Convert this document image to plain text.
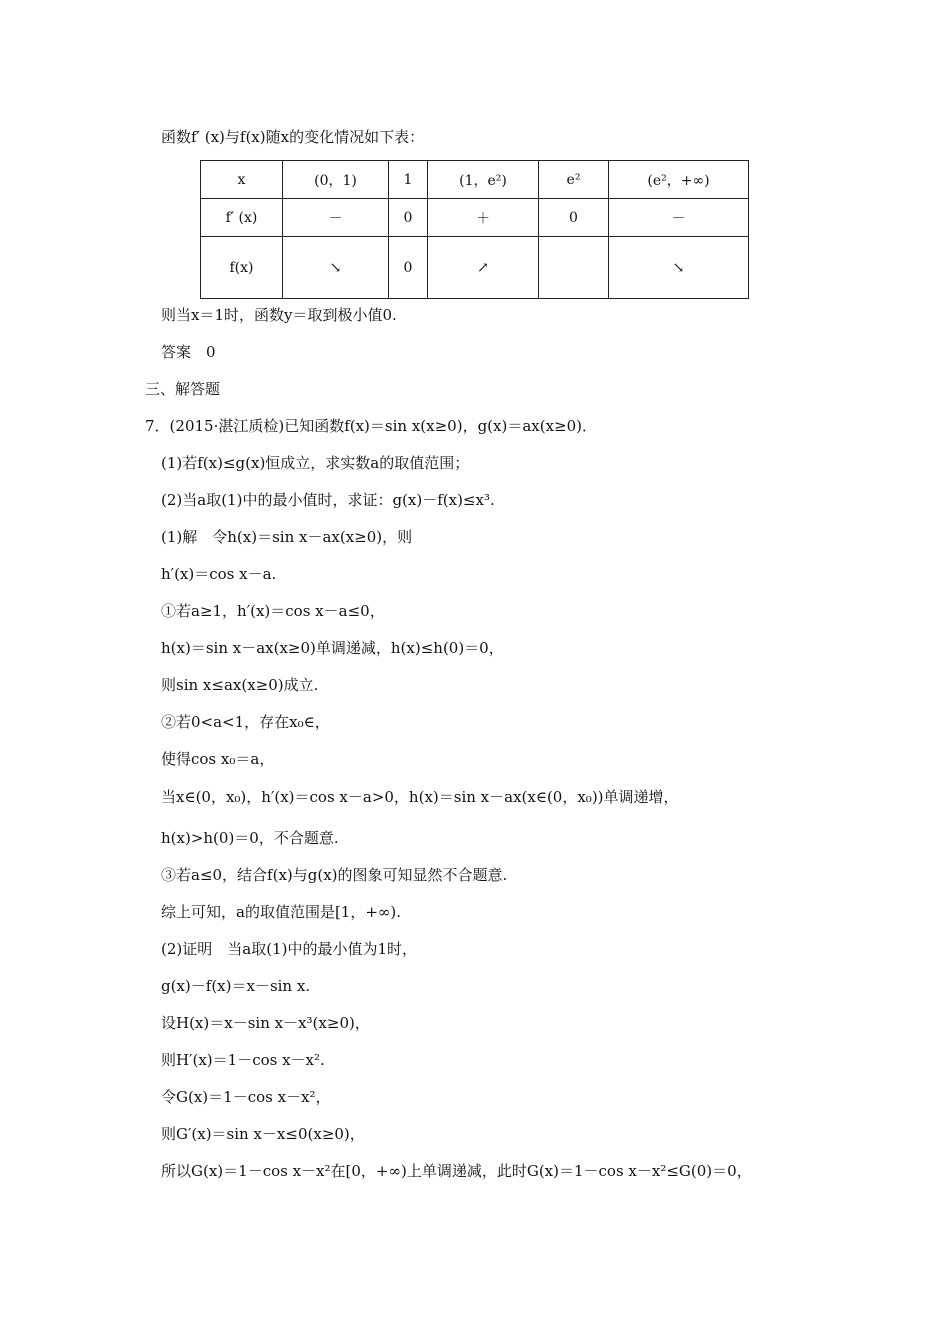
函数f′ (x)与f(x)随x的变化情况如下表：
x	(0，1)	1	(1，e²)	e²	(e²，+∞)
f′ (x)	－	0	＋	0	－
f(x)	↘	0	↗		↘
则当x＝1时，函数y＝取到极小值0.
答案　0
三、解答题
7．(2015·湛江质检)已知函数f(x)＝sin x(x≥0)，g(x)＝ax(x≥0)．
(1)若f(x)≤g(x)恒成立，求实数a的取值范围；
(2)当a取(1)中的最小值时，求证：g(x)－f(x)≤x³.
(1)解　令h(x)＝sin x－ax(x≥0)，则
h′(x)＝cos x－a.
①若a≥1，h′(x)＝cos x－a≤0，
h(x)＝sin x－ax(x≥0)单调递减，h(x)≤h(0)＝0，
则sin x≤ax(x≥0)成立.
②若0<a<1，存在x₀∈，
使得cos x₀＝a，
当x∈(0，x₀)，h′(x)＝cos x－a>0，h(x)＝sin x－ax(x∈(0，x₀))单调递增，
h(x)>h(0)＝0，不合题意.
③若a≤0，结合f(x)与g(x)的图象可知显然不合题意.
综上可知，a的取值范围是[1，+∞).
(2)证明　当a取(1)中的最小值为1时，
g(x)－f(x)＝x－sin x.
设H(x)＝x－sin x－x³(x≥0)，
则H′(x)＝1－cos x－x².
令G(x)＝1－cos x－x²，
则G′(x)＝sin x－x≤0(x≥0)，
所以G(x)＝1－cos x－x²在[0，+∞)上单调递减，此时G(x)＝1－cos x－x²≤G(0)＝0，
